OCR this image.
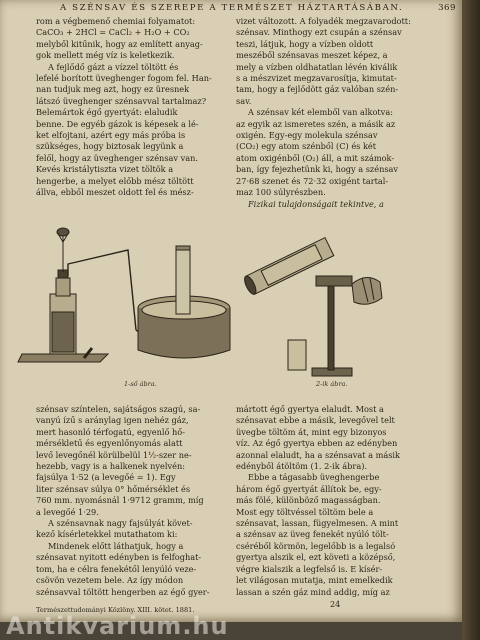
A SZÉNSAV ÉS SZEREPE A TERMÉSZET HÁZTARTÁSÁBAN.	369
rom a végbemenő chemiai folyamatot:
CaCO₃ + 2HCl = CaCl₂ + H₂O + CO₂
melyből kitűnik, hogy az említett anyag-
gok mellett még víz is keletkezik.
A fejlődő gázt a vízzel töltött és
lefelé borított üveghenger fogom fel. Han-
nan tudjuk meg azt, hogy ez üresnek
látszó üveghenger szénsavval tartalmaz?
Belemártok égő gyertyát: elaludik
benne. De egyéb gázok is képesek a lé-
ket elfojtani, azért egy más próba is
szükséges, hogy biztosak legyünk a
felől, hogy az üveghenger szénsav van.
Kevés kristálytiszta vizet töltök a
hengerbe, a melyet előbb mész töltött
állva, ebből meszet oldott fel és mész-
vizet változott. A folyadék megzavarodott:
szénsav. Minthogy ezt csupán a szénsav
teszi, látjuk, hogy a vízben oldott
meszéből szénsavas meszet képez, a
mely a vízben oldhatatlan lévén kiválik
s a mészvizet megzavarosítja, kimutat-
tam, hogy a fejlődött gáz valóban szén-
sav.
A szénsav két elemből van alkotva:
az egyik az ismeretes szén, a másik az
oxigén. Egy-egy molekula szénsav
(CO₂) egy atom szénből (C) és két
atom oxigénből (O₂) áll, a mit számok-
ban, így fejezhetünk ki, hogy a szénsav
27·68 szenet és 72·32 oxigént tartal-
maz 100 súlyrészben.
Fizikai tulajdonságait tekintve, a
1-ső ábra.	2-ik ábra.
szénsav színtelen, sajátságos szagú, sa-
vanyú ízű s aránylag igen nehéz gáz,
mert hasonló térfogatú, egyenlő hő-
mérsékletű és egyenlőnyomás alatt
levő levegőnél körülbelül 1½-szer ne-
hezebb, vagy is a halkenek nyelvén:
fajsúlya 1·52 (a levegőé = 1). Egy
liter szénsav súlya 0° hőmérséklet és
760 mm. nyomásnál 1·9712 gramm, míg
a levegőé 1·29.
A szénsavnak nagy fajsúlyát követ-
kező kísérletekkel mutathatom ki:
Mindenek előtt láthatjuk, hogy a
szénsavat nyitott edényben is felfoghat-
tom, ha e célra fenekétől lenyúló veze-
csövön vezetem bele. Az így módon
szénsavval töltött hengerben az égő gyer-
mártott égő gyertya elaludt. Most a
szénsavat ebbe a másik, levegővel telt
üvegbe töltöm át, mint egy bizonyos
víz. Az égő gyertya ebben az edényben
azonnal elaludt, ha a szénsavat a másik
edényből átöltöm (1. 2-ik ábra).
Ebbe a tágasabb üveghengerbe
három égő gyertyát állítok be, egy-
más fölé, különböző magasságban.
Most egy töltvéssel töltöm bele a
szénsavat, lassan, fügyelmesen. A mint
a szénsav az üveg fenekét nyúló tölt-
cséréből körmön, legelőbb is a legalsó
gyertya alszik el, ezt követi a középső,
végre kialszik a legfelső is. E kísér-
let világosan mutatja, mint emelkedik
lassan a szén gáz mind addig, míg az
Természettudományi Közlöny. XIII. kötet. 1881.
24
Antikvarium.hu
